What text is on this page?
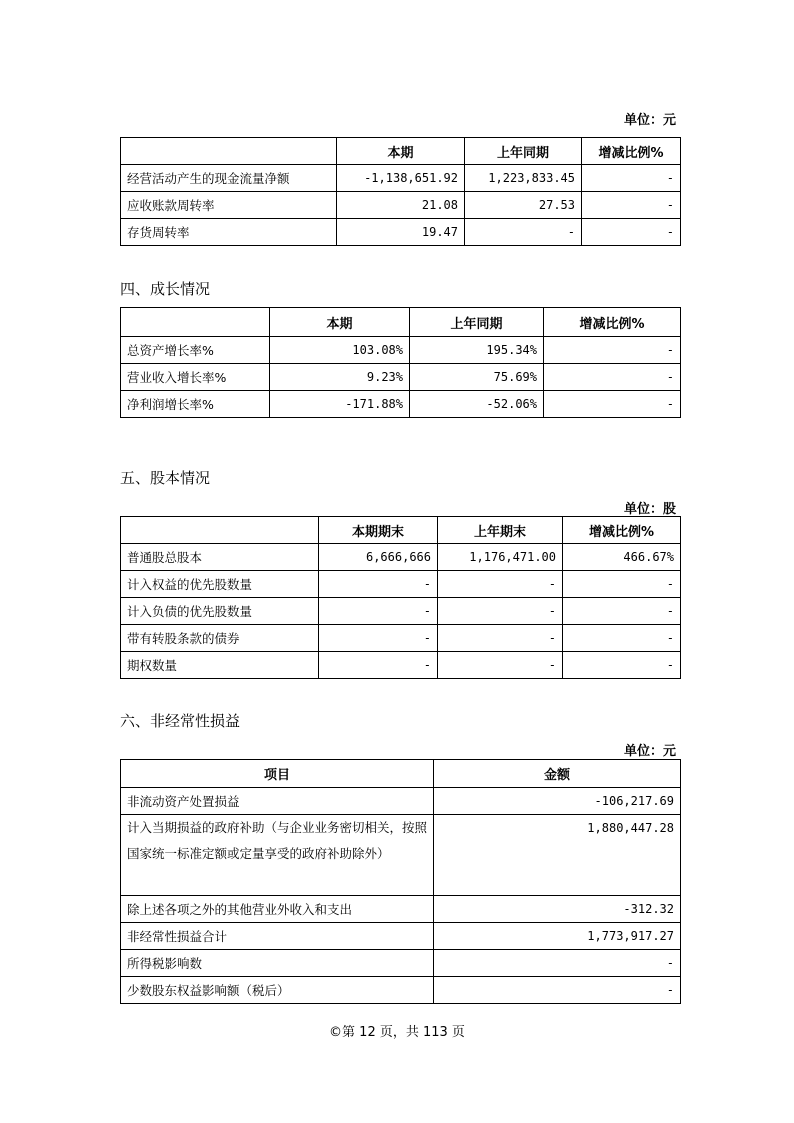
单位：元
	本期	上年同期	增减比例%
经营活动产生的现金流量净额	-1,138,651.92	1,223,833.45	-
应收账款周转率	21.08	27.53	-
存货周转率	19.47	-	-
四、成长情况
	本期	上年同期	增减比例%
总资产增长率%	103.08%	195.34%	-
营业收入增长率%	9.23%	75.69%	-
净利润增长率%	-171.88%	-52.06%	-
五、股本情况
单位：股
	本期期末	上年期末	增减比例%
普通股总股本	6,666,666	1,176,471.00	466.67%
计入权益的优先股数量	-	-	-
计入负债的优先股数量	-	-	-
带有转股条款的债券	-	-	-
期权数量	-	-	-
六、非经常性损益
单位：元
项目	金额
非流动资产处置损益	-106,217.69
计入当期损益的政府补助（与企业业务密切相关，按照国家统一标准定额或定量享受的政府补助除外）	1,880,447.28
除上述各项之外的其他营业外收入和支出	-312.32
非经常性损益合计	1,773,917.27
所得税影响数	-
少数股东权益影响额（税后）	-
©第 12 页，共 113 页
